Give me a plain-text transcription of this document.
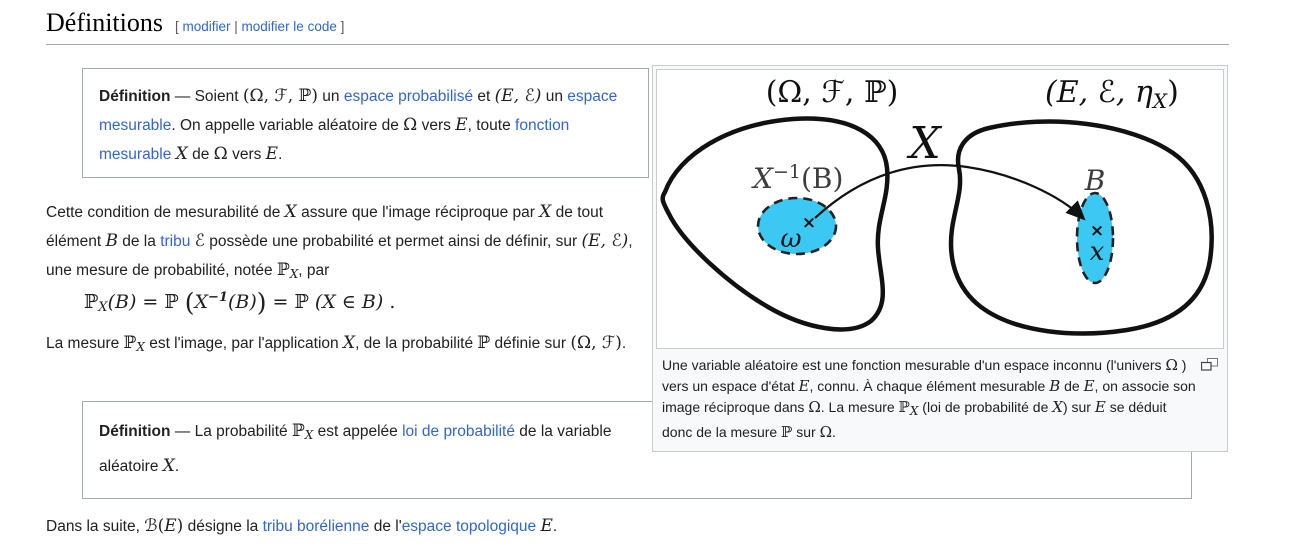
Définitions [ modifier | modifier le code ]
Définition — Soient (Ω, ℱ, ℙ) un espace probabilisé et (E, ℰ) un espace mesurable. On appelle variable aléatoire de Ω vers E, toute fonction mesurable X de Ω vers E.
Cette condition de mesurabilité de X assure que l'image réciproque par X de tout élément B de la tribu ℰ possède une probabilité et permet ainsi de définir, sur (E, ℰ), une mesure de probabilité, notée ℙX, par
ℙX(B) = ℙ $(X^{-1}(B))$ = ℙ (X ∈ B) .
La mesure ℙX est l'image, par l'application X, de la probabilité ℙ définie sur (Ω, ℱ).
Définition — La probabilité ℙX est appelée loi de probabilité de la variable aléatoire X.
Dans la suite, ℬ(E) désigne la tribu borélienne de l'espace topologique E.
(Ω, ℱ, ℙ)	(E, ℰ, $\eta_X$)
X
$X^{-1}(B)$	B
ω
×
x
×
Une variable aléatoire est une fonction mesurable d'un espace inconnu (l'univers Ω ) vers un espace d'état E, connu. À chaque élément mesurable B de E, on associe son image réciproque dans Ω. La mesure ℙX (loi de probabilité de X) sur E se déduit donc de la mesure ℙ sur Ω.
